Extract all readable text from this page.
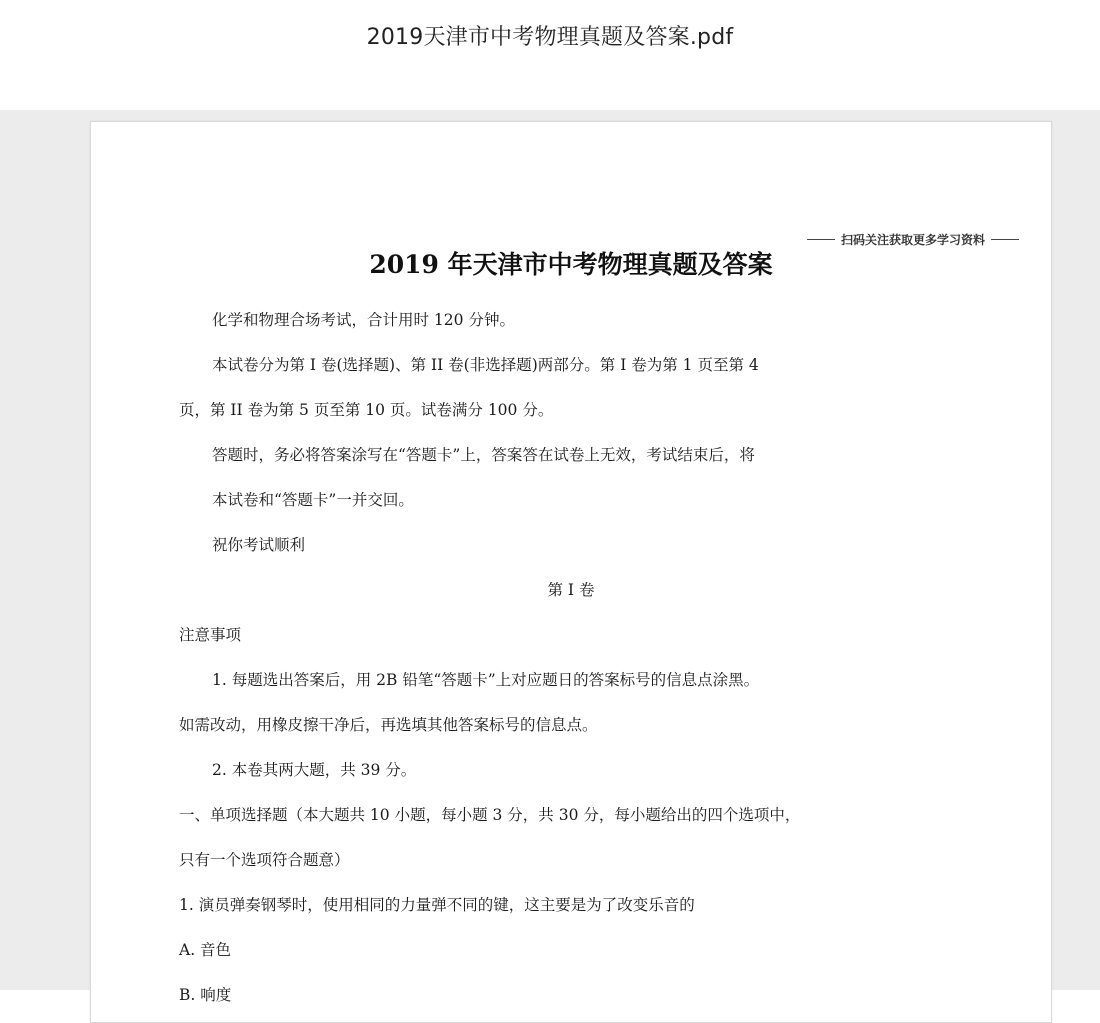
2019天津市中考物理真题及答案.pdf
扫码关注获取更多学习资料
2019 年天津市中考物理真题及答案
化学和物理合场考试，合计用时 120 分钟。
本试卷分为第 I 卷(选择题)、第 II 卷(非选择题)两部分。第 I 卷为第 1 页至第 4
页，第 II 卷为第 5 页至第 10 页。试卷满分 100 分。
答题时，务必将答案涂写在“答题卡”上，答案答在试卷上无效，考试结束后，将
本试卷和“答题卡”一并交回。
祝你考试顺利
第 I 卷
注意事项
1. 每题选出答案后，用 2B 铅笔“答题卡”上对应题日的答案标号的信息点涂黑。
如需改动，用橡皮擦干净后，再选填其他答案标号的信息点。
2. 本卷其两大题，共 39 分。
一、单项选择题（本大题共 10 小题，每小题 3 分，共 30 分，每小题给出的四个选项中，
只有一个选项符合题意）
1. 演员弹奏钢琴时，使用相同的力量弹不同的键，这主要是为了改变乐音的
A. 音色
B. 响度
